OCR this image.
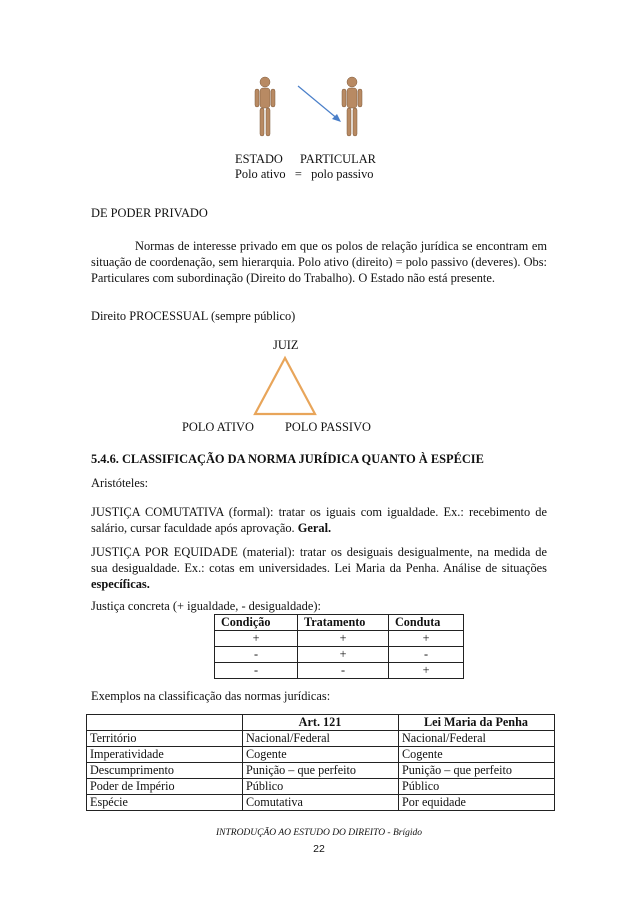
ESTADO PARTICULAR
Polo ativo   =   polo passivo
DE PODER PRIVADO

Normas de interesse privado em que os polos de relação jurídica se encontram em situação de coordenação, sem hierarquia. Polo ativo (direito) = polo passivo (deveres). Obs: Particulares com subordinação (Direito do Trabalho). O Estado não está presente.

Direito PROCESSUAL (sempre público)
JUIZ
POLO ATIVO	POLO PASSIVO
5.4.6. CLASSIFICAÇÃO DA NORMA JURÍDICA QUANTO À ESPÉCIE
Aristóteles:

JUSTIÇA COMUTATIVA (formal): tratar os iguais com igualdade. Ex.: recebimento de salário, cursar faculdade após aprovação. Geral.

JUSTIÇA POR EQUIDADE (material): tratar os desiguais desigualmente, na medida de sua desigualdade. Ex.: cotas em universidades. Lei Maria da Penha. Análise de situações específicas.

Justiça concreta (+ igualdade, - desigualdade):
Condição	Tratamento	Conduta
+	+	+
-	+	-
-	-	+
Exemplos na classificação das normas jurídicas:
	Art. 121	Lei Maria da Penha
Território	Nacional/Federal	Nacional/Federal
Imperatividade	Cogente	Cogente
Descumprimento	Punição – que perfeito	Punição – que perfeito
Poder de Império	Público	Público
Espécie	Comutativa	Por equidade
INTRODUÇÃO AO ESTUDO DO DIREITO - Brígido
22
